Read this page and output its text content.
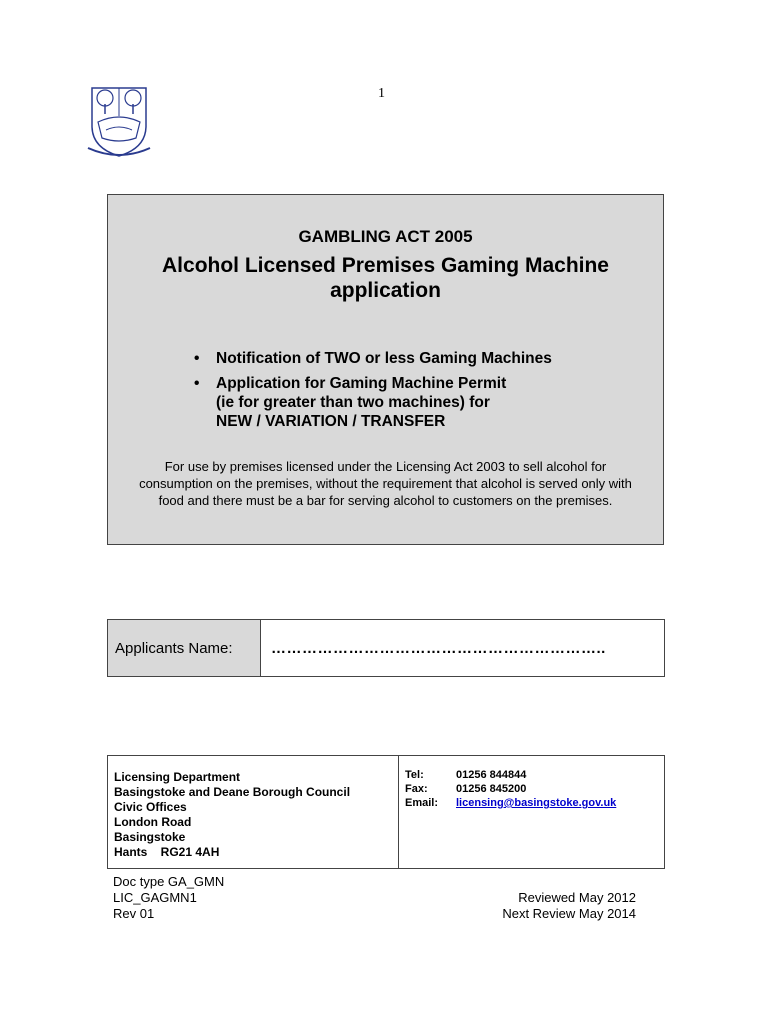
1
GAMBLING ACT 2005
Alcohol Licensed Premises Gaming Machine
application
• Notification of TWO or less Gaming Machines
• Application for Gaming Machine Permit
(ie for greater than two machines) for
NEW / VARIATION / TRANSFER
For use by premises licensed under the Licensing Act 2003 to sell alcohol for consumption on the premises, without the requirement that alcohol is served only with food and there must be a bar for serving alcohol to customers on the premises.
Applicants Name:	………………………………………………………..
Licensing Department
Basingstoke and Deane Borough Council
Civic Offices
London Road
Basingstoke
Hants    RG21 4AH
Tel:	01256 844844
Fax:	01256 845200
Email:	licensing@basingstoke.gov.uk
Doc type GA_GMN
LIC_GAGMN1
Rev 01
Reviewed May 2012
Next Review May 2014
